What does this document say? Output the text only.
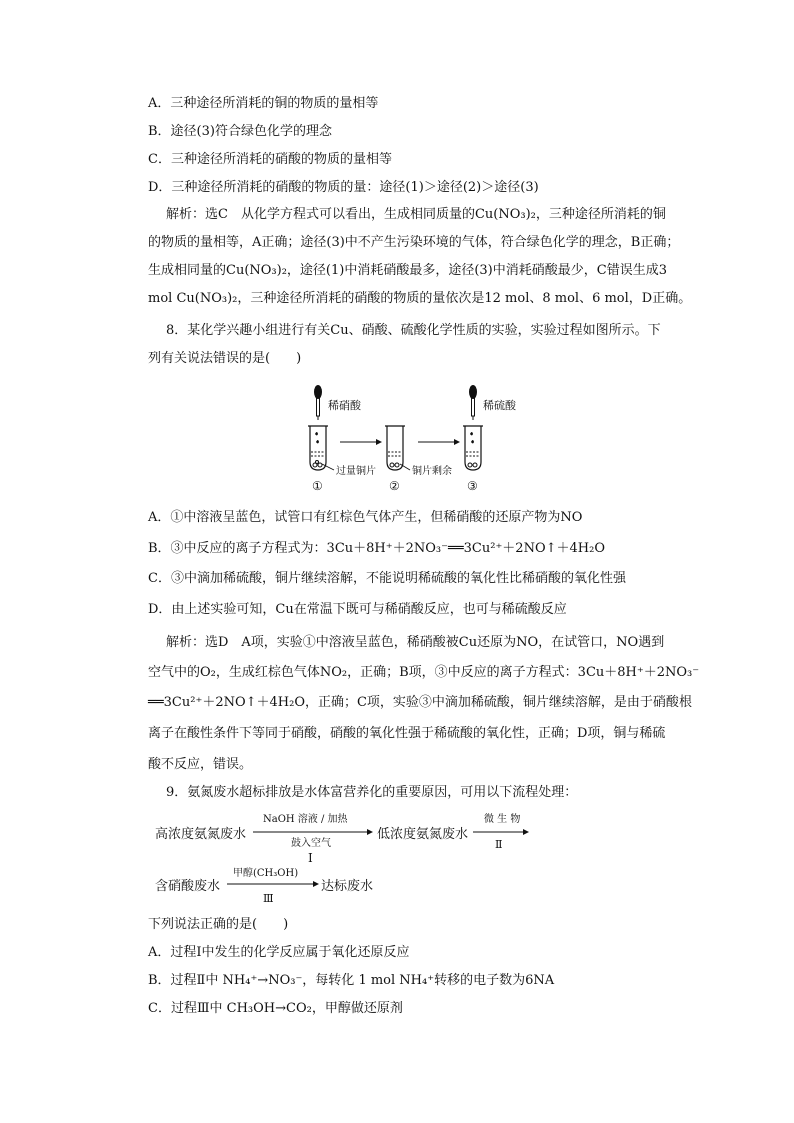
A．三种途径所消耗的铜的物质的量相等

B．途径(3)符合绿色化学的理念

C．三种途径所消耗的硝酸的物质的量相等

D．三种途径所消耗的硝酸的物质的量：途径(1)＞途径(2)＞途径(3)

解析：选C　从化学方程式可以看出，生成相同质量的Cu(NO₃)₂，三种途径所消耗的铜

的物质的量相等，A正确；途径(3)中不产生污染环境的气体，符合绿色化学的理念，B正确；

生成相同量的Cu(NO₃)₂，途径(1)中消耗硝酸最多，途径(3)中消耗硝酸最少，C错误生成3

mol Cu(NO₃)₂，三种途径所消耗的硝酸的物质的量依次是12 mol、8 mol、6 mol，D正确。

8．某化学兴趣小组进行有关Cu、硝酸、硫酸化学性质的实验，实验过程如图所示。下

列有关说法错误的是(　　)

稀硝酸
过量铜片
①
铜片剩余
②
稀硫酸
③

A．①中溶液呈蓝色，试管口有红棕色气体产生，但稀硝酸的还原产物为NO

B．③中反应的离子方程式为：3Cu＋8H⁺＋2NO₃⁻══3Cu²⁺＋2NO↑＋4H₂O

C．③中滴加稀硫酸，铜片继续溶解，不能说明稀硫酸的氧化性比稀硝酸的氧化性强

D．由上述实验可知，Cu在常温下既可与稀硝酸反应，也可与稀硫酸反应

解析：选D　A项，实验①中溶液呈蓝色，稀硝酸被Cu还原为NO，在试管口，NO遇到

空气中的O₂，生成红棕色气体NO₂，正确；B项，③中反应的离子方程式：3Cu＋8H⁺＋2NO₃⁻

══3Cu²⁺＋2NO↑＋4H₂O，正确；C项，实验③中滴加稀硫酸，铜片继续溶解，是由于硝酸根

离子在酸性条件下等同于硝酸，硝酸的氧化性强于稀硫酸的氧化性，正确；D项，铜与稀硫

酸不反应，错误。

9．氨氮废水超标排放是水体富营养化的重要原因，可用以下流程处理：

高浓度氨氮废水
NaOH 溶液 / 加热
鼓入空气
Ⅰ
低浓度氨氮废水
微 生 物
Ⅱ
含硝酸废水
甲醇(CH₃OH)
Ⅲ
达标废水

下列说法正确的是(　　)

A．过程Ⅰ中发生的化学反应属于氧化还原反应

B．过程Ⅱ中 NH₄⁺→NO₃⁻，每转化 1 mol NH₄⁺转移的电子数为6NA

C．过程Ⅲ中 CH₃OH→CO₂，甲醇做还原剂
